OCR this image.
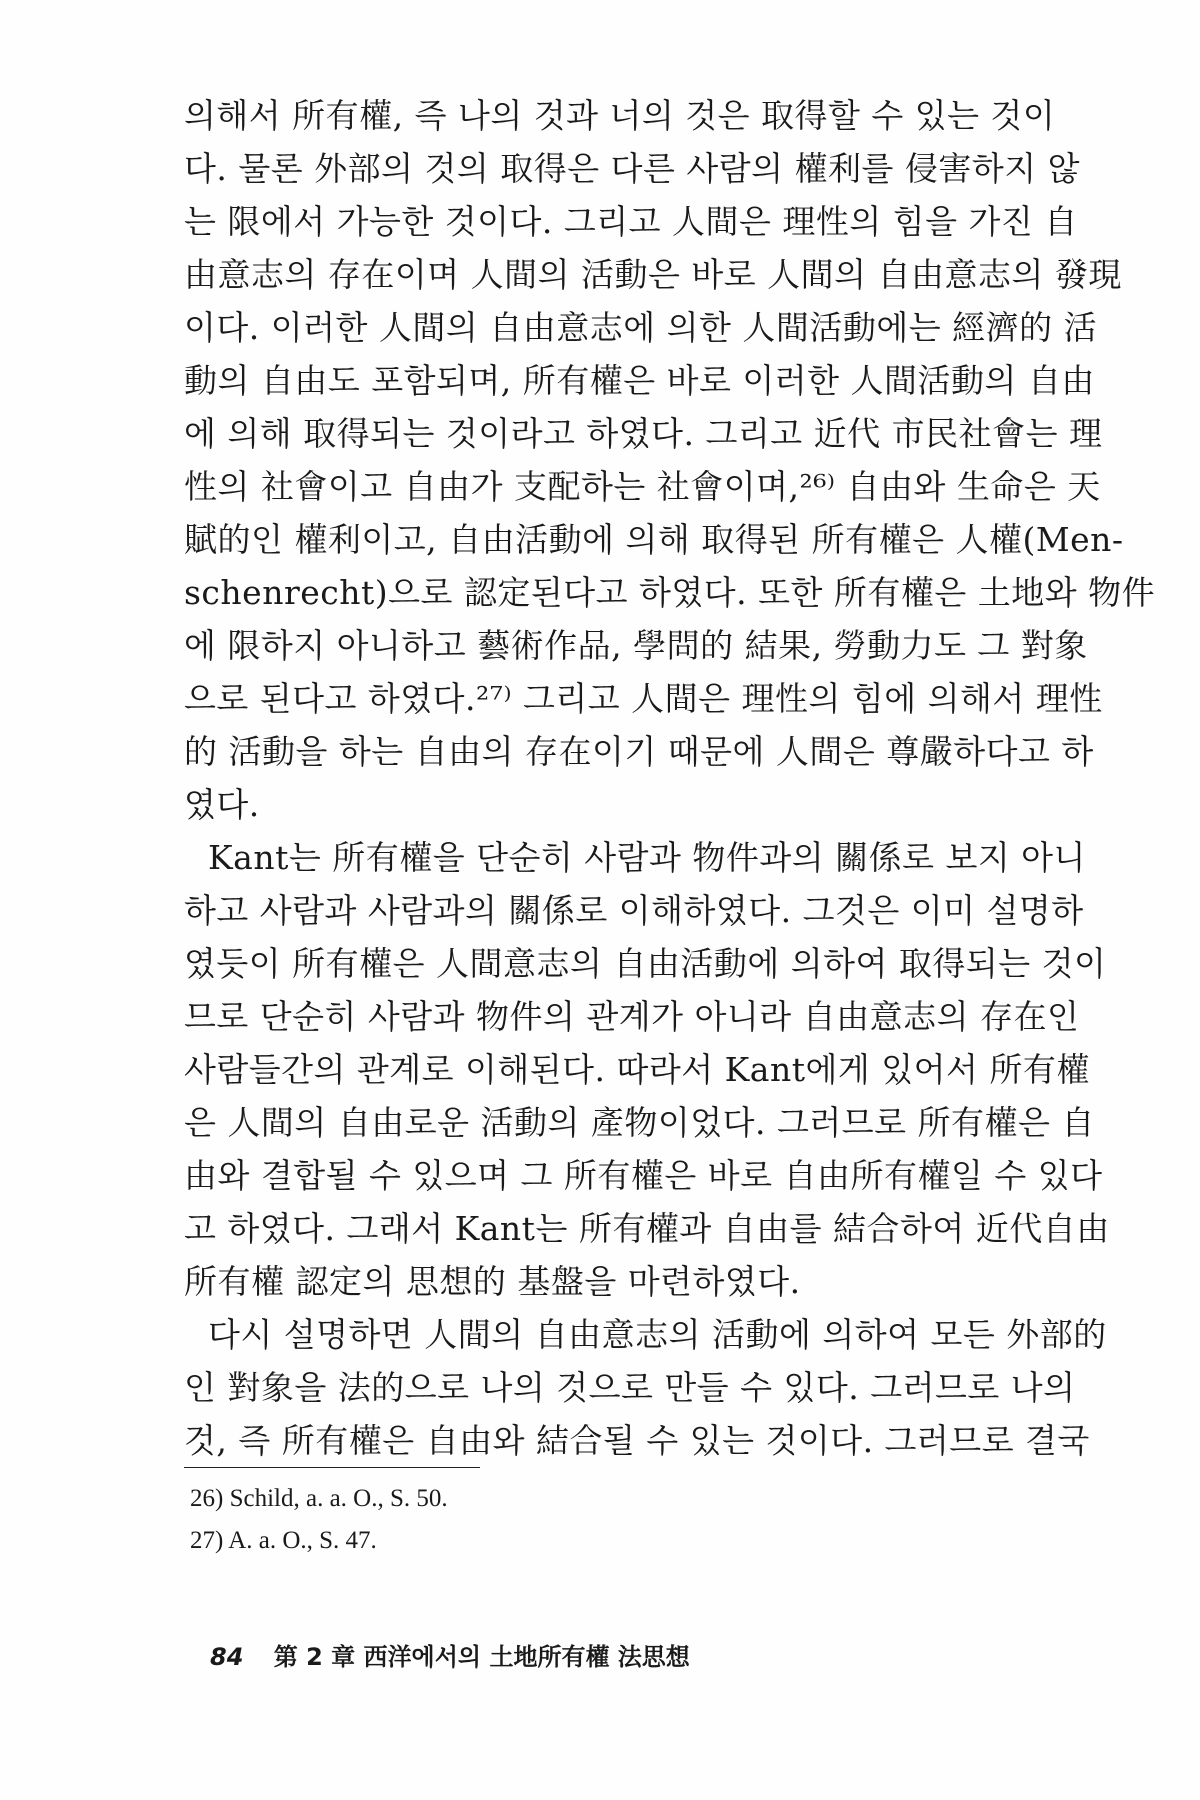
의해서 所有權, 즉 나의 것과 너의 것은 取得할 수 있는 것이
다. 물론 外部의 것의 取得은 다른 사람의 權利를 侵害하지 않
는 限에서 가능한 것이다. 그리고 人間은 理性의 힘을 가진 自
由意志의 存在이며 人間의 活動은 바로 人間의 自由意志의 發現
이다. 이러한 人間의 自由意志에 의한 人間活動에는 經濟的 活
動의 自由도 포함되며, 所有權은 바로 이러한 人間活動의 自由
에 의해 取得되는 것이라고 하였다. 그리고 近代 市民社會는 理
性의 社會이고 自由가 支配하는 社會이며,²⁶⁾ 自由와 生命은 天
賦的인 權利이고, 自由活動에 의해 取得된 所有權은 人權(Men-
schenrecht)으로 認定된다고 하였다. 또한 所有權은 土地와 物件
에 限하지 아니하고 藝術作品, 學問的 結果, 勞動力도 그 對象
으로 된다고 하였다.²⁷⁾ 그리고 人間은 理性의 힘에 의해서 理性
的 活動을 하는 自由의 存在이기 때문에 人間은 尊嚴하다고 하
였다.
Kant는 所有權을 단순히 사람과 物件과의 關係로 보지 아니
하고 사람과 사람과의 關係로 이해하였다. 그것은 이미 설명하
였듯이 所有權은 人間意志의 自由活動에 의하여 取得되는 것이
므로 단순히 사람과 物件의 관계가 아니라 自由意志의 存在인
사람들간의 관계로 이해된다. 따라서 Kant에게 있어서 所有權
은 人間의 自由로운 活動의 產物이었다. 그러므로 所有權은 自
由와 결합될 수 있으며 그 所有權은 바로 自由所有權일 수 있다
고 하였다. 그래서 Kant는 所有權과 自由를 結合하여 近代自由
所有權 認定의 思想的 基盤을 마련하였다.
다시 설명하면 人間의 自由意志의 活動에 의하여 모든 外部的
인 對象을 法的으로 나의 것으로 만들 수 있다. 그러므로 나의
것, 즉 所有權은 自由와 結合될 수 있는 것이다. 그러므로 결국
26) Schild, a. a. O., S. 50.
27) A. a. O., S. 47.
84 第 2 章 西洋에서의 土地所有權 法思想
